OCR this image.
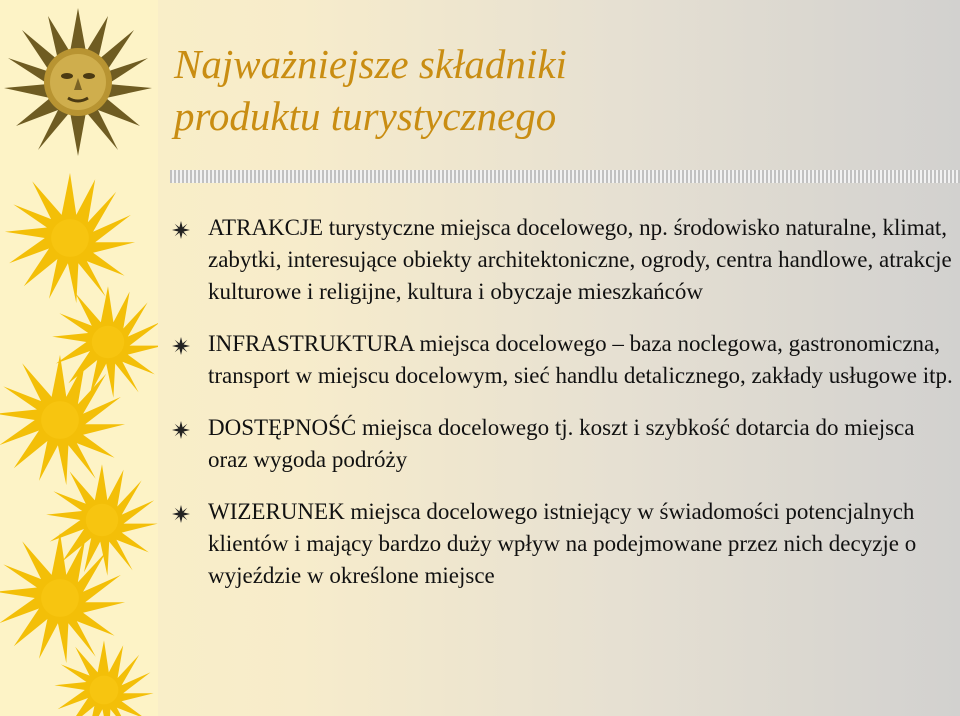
Najważniejsze składniki
produktu turystycznego
ATRAKCJE turystyczne miejsca docelowego, np. środowisko naturalne, klimat, zabytki, interesujące obiekty architektoniczne, ogrody, centra handlowe, atrakcje kulturowe i religijne, kultura i obyczaje mieszkańców
INFRASTRUKTURA miejsca docelowego – baza noclegowa, gastronomiczna, transport w miejscu docelowym, sieć handlu detalicznego, zakłady usługowe itp.
DOSTĘPNOŚĆ miejsca docelowego tj. koszt i szybkość dotarcia do miejsca oraz wygoda podróży
WIZERUNEK miejsca docelowego istniejący w świadomości potencjalnych klientów i mający bardzo duży wpływ na podejmowane przez nich decyzje o wyjeździe w określone miejsce
